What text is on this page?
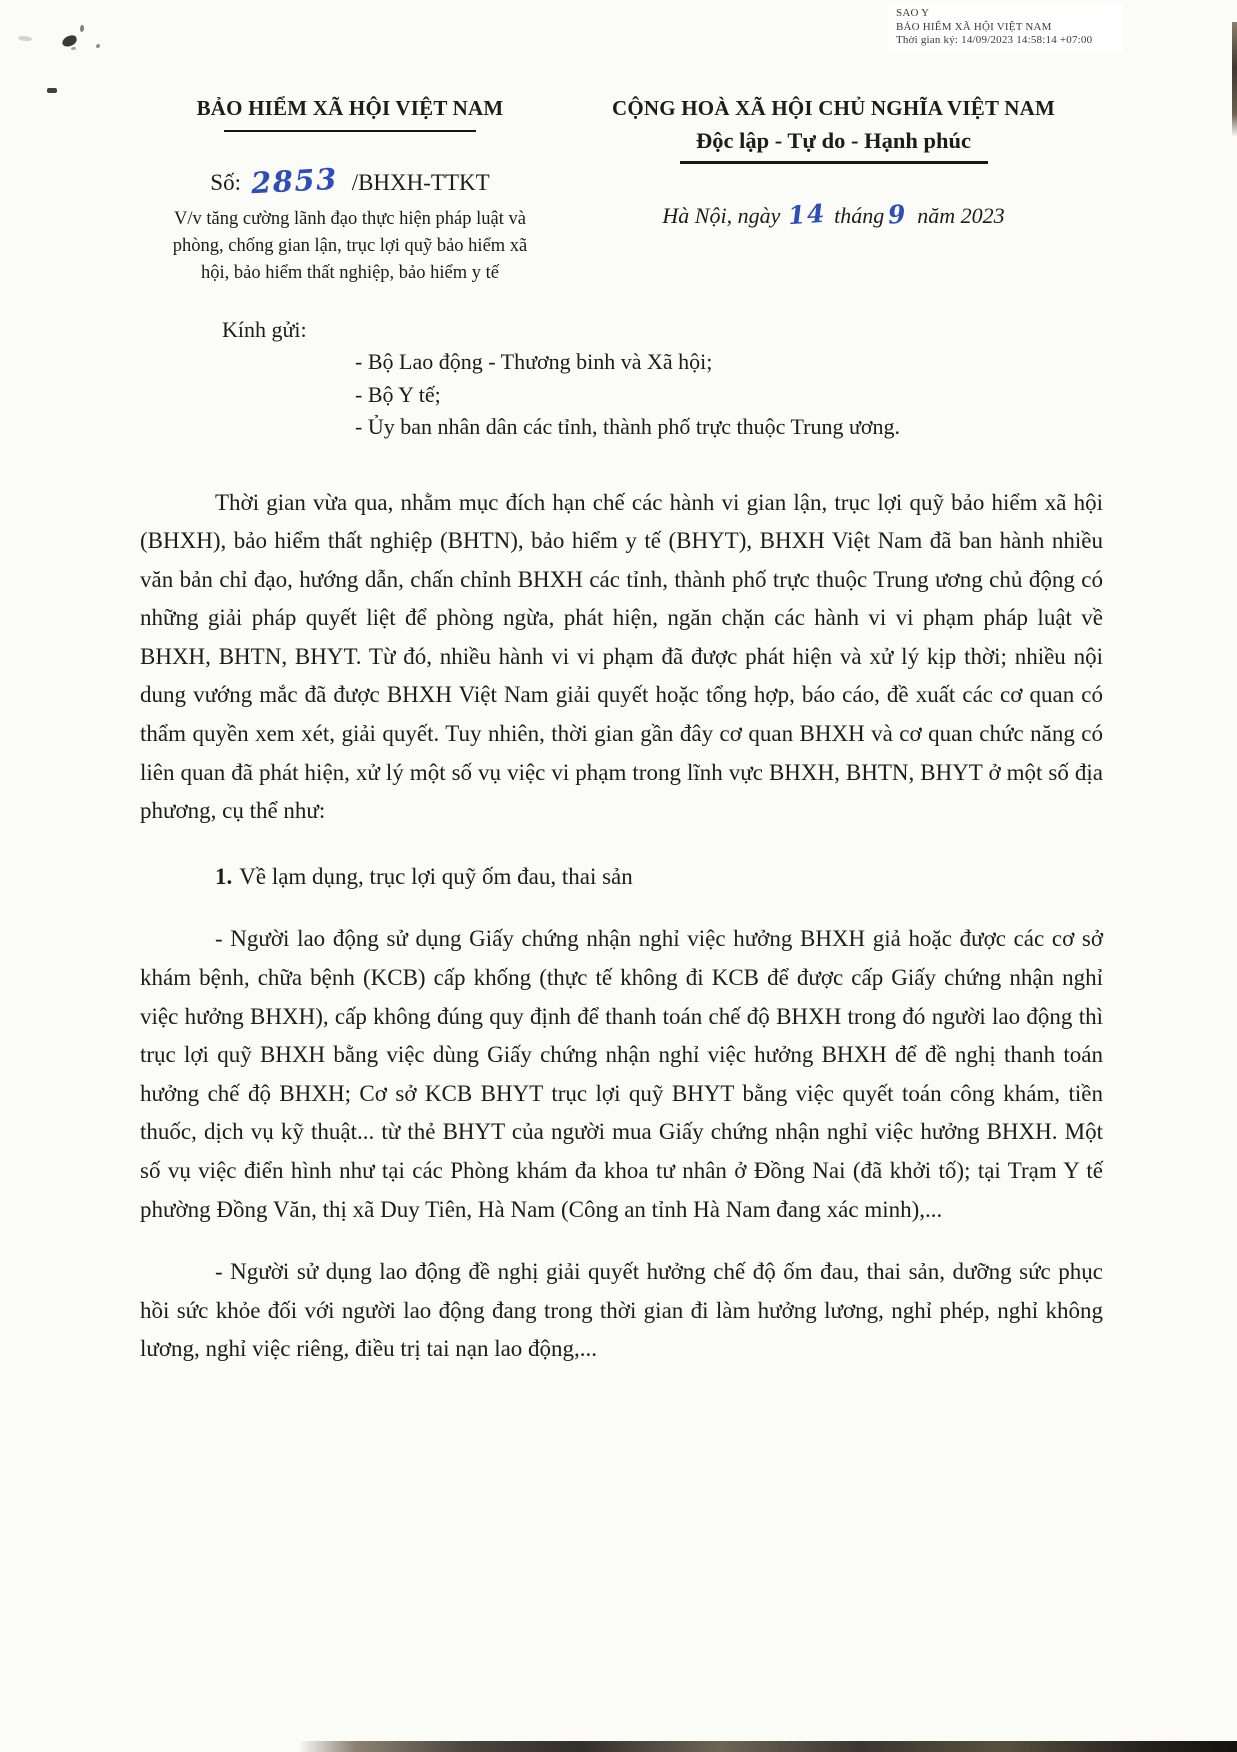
SAO Y
BẢO HIỂM XÃ HỘI VIỆT NAM
Thời gian ký: 14/09/2023 14:58:14 +07:00
BẢO HIỂM XÃ HỘI VIỆT NAM
Số: 2853 /BHXH-TTKT
V/v tăng cường lãnh đạo thực hiện pháp luật và
phòng, chống gian lận, trục lợi quỹ bảo hiểm xã
hội, bảo hiểm thất nghiệp, bảo hiểm y tế
CỘNG HOÀ XÃ HỘI CHỦ NGHĨA VIỆT NAM
Độc lập - Tự do - Hạnh phúc
Hà Nội, ngày 14 tháng 9 năm 2023
Kính gửi:
- Bộ Lao động - Thương binh và Xã hội;
- Bộ Y tế;
- Ủy ban nhân dân các tỉnh, thành phố trực thuộc Trung ương.

Thời gian vừa qua, nhằm mục đích hạn chế các hành vi gian lận, trục lợi quỹ bảo hiểm xã hội (BHXH), bảo hiểm thất nghiệp (BHTN), bảo hiểm y tế (BHYT), BHXH Việt Nam đã ban hành nhiều văn bản chỉ đạo, hướng dẫn, chấn chỉnh BHXH các tỉnh, thành phố trực thuộc Trung ương chủ động có những giải pháp quyết liệt để phòng ngừa, phát hiện, ngăn chặn các hành vi vi phạm pháp luật về BHXH, BHTN, BHYT. Từ đó, nhiều hành vi vi phạm đã được phát hiện và xử lý kịp thời; nhiều nội dung vướng mắc đã được BHXH Việt Nam giải quyết hoặc tổng hợp, báo cáo, đề xuất các cơ quan có thẩm quyền xem xét, giải quyết. Tuy nhiên, thời gian gần đây cơ quan BHXH và cơ quan chức năng có liên quan đã phát hiện, xử lý một số vụ việc vi phạm trong lĩnh vực BHXH, BHTN, BHYT ở một số địa phương, cụ thể như:

1. Về lạm dụng, trục lợi quỹ ốm đau, thai sản

- Người lao động sử dụng Giấy chứng nhận nghỉ việc hưởng BHXH giả hoặc được các cơ sở khám bệnh, chữa bệnh (KCB) cấp khống (thực tế không đi KCB để được cấp Giấy chứng nhận nghỉ việc hưởng BHXH), cấp không đúng quy định để thanh toán chế độ BHXH trong đó người lao động thì trục lợi quỹ BHXH bằng việc dùng Giấy chứng nhận nghỉ việc hưởng BHXH để đề nghị thanh toán hưởng chế độ BHXH; Cơ sở KCB BHYT trục lợi quỹ BHYT bằng việc quyết toán công khám, tiền thuốc, dịch vụ kỹ thuật... từ thẻ BHYT của người mua Giấy chứng nhận nghỉ việc hưởng BHXH. Một số vụ việc điển hình như tại các Phòng khám đa khoa tư nhân ở Đồng Nai (đã khởi tố); tại Trạm Y tế phường Đồng Văn, thị xã Duy Tiên, Hà Nam (Công an tỉnh Hà Nam đang xác minh),...

- Người sử dụng lao động đề nghị giải quyết hưởng chế độ ốm đau, thai sản, dưỡng sức phục hồi sức khỏe đối với người lao động đang trong thời gian đi làm hưởng lương, nghỉ phép, nghỉ không lương, nghỉ việc riêng, điều trị tai nạn lao động,...
